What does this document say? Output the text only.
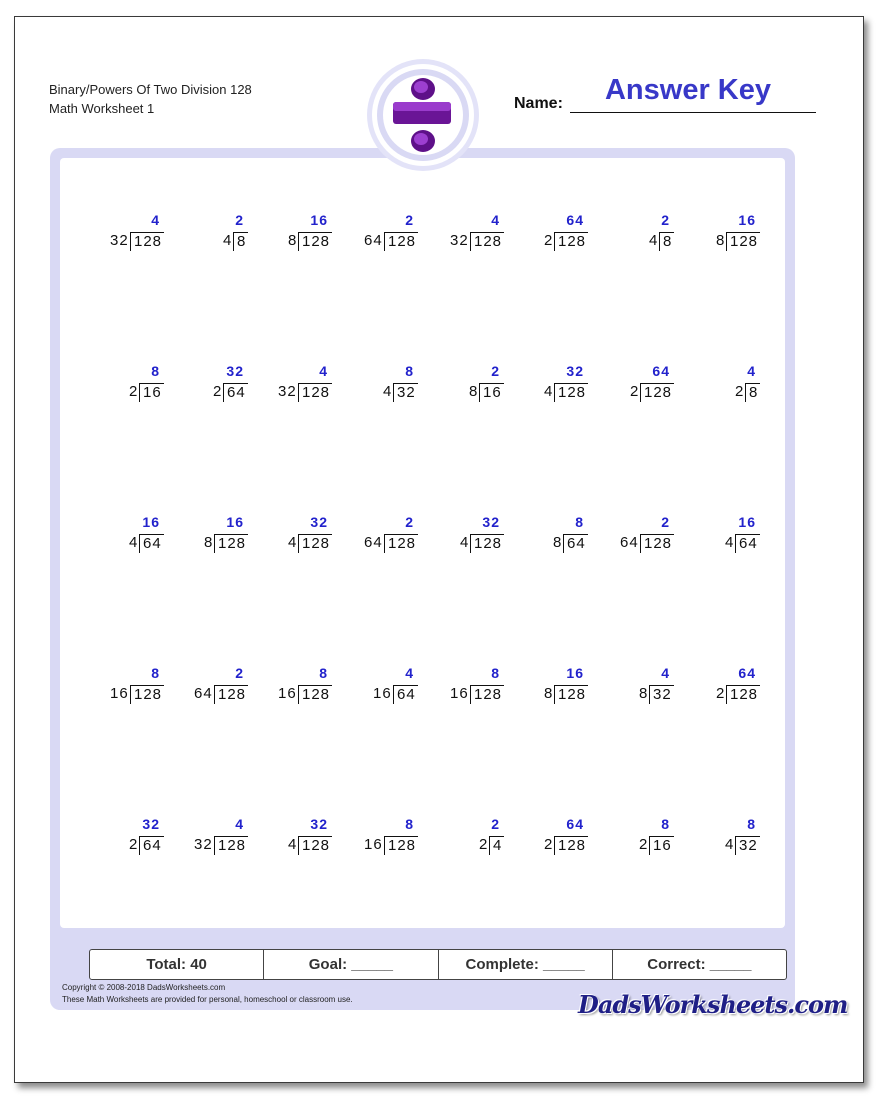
Binary/Powers Of Two Division 128
Math Worksheet 1	Name:	Answer Key
4
32 128
2
4 8
16
8 128
2
64 128
4
32 128
64
2 128
2
4 8
16
8 128
8
2 16
32
2 64
4
32 128
8
4 32
2
8 16
32
4 128
64
2 128
4
2 8
16
4 64
16
8 128
32
4 128
2
64 128
32
4 128
8
8 64
2
64 128
16
4 64
8
16 128
2
64 128
8
16 128
4
16 64
8
16 128
16
8 128
4
8 32
64
2 128
32
2 64
4
32 128
32
4 128
8
16 128
2
2 4
64
2 128
8
2 16
8
4 32
Total: 40	Goal: _____	Complete: _____	Correct: _____
Copyright © 2008-2018 DadsWorksheets.com
These Math Worksheets are provided for personal, homeschool or classroom use.	DadsWorksheets.com
